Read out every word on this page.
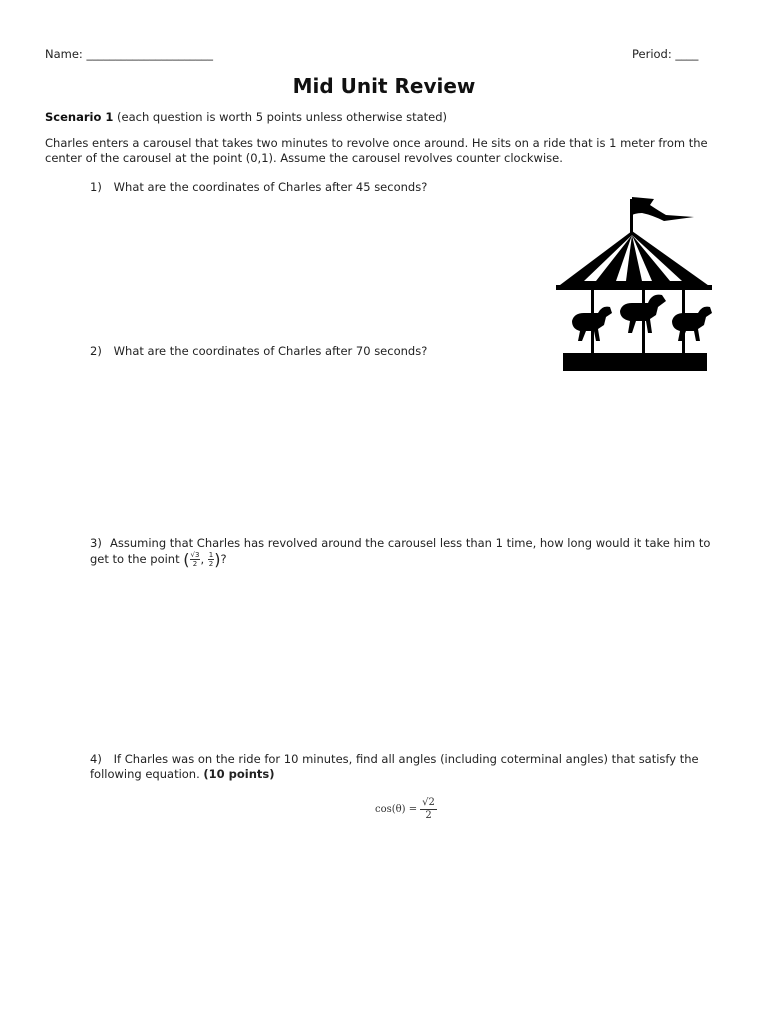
Name: ______________________	Period: ____
Mid Unit Review
Scenario 1 (each question is worth 5 points unless otherwise stated)
Charles enters a carousel that takes two minutes to revolve once around. He sits on a ride that is 1 meter from the center of the carousel at the point (0,1). Assume the carousel revolves counter clockwise.
1) What are the coordinates of Charles after 45 seconds?
2) What are the coordinates of Charles after 70 seconds?
3) Assuming that Charles has revolved around the carousel less than 1 time, how long would it take him to get to the point ( $\frac{√3}{2}$ , $\frac{1}{2}$ )?
4) If Charles was on the ride for 10 minutes, find all angles (including coterminal angles) that satisfy the following equation. (10 points)
$\cos(\theta) = \frac{√2}{2}$
